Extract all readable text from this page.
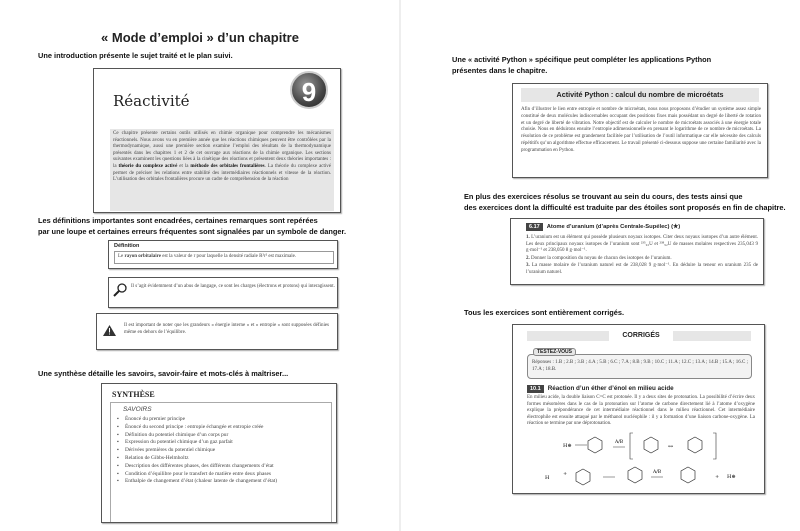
« Mode d’emploi » d’un chapitre
Une introduction présente le sujet traité et le plan suivi.
Réactivité	9
Ce chapitre présente certains outils utilisés en chimie organique pour comprendre les mécanismes réactionnels. Nous avons vu en première année que les réactions chimiques peuvent être contrôlées par la thermodynamique, aussi une première section examine l’emploi des résultats de la thermodynamique présentés dans les chapitres 1 et 2 de cet ouvrage aux réactions de la chimie organique. Les sections suivantes examinent les questions liées à la cinétique des réactions et présentent deux théories importantes : la théorie du complexe activé et la méthode des orbitales frontalières. La théorie du complexe activé permet de préciser les relations entre stabilité des intermédiaires réactionnels et vitesse de la réaction. L’utilisation des orbitales frontalières procure un cadre de compréhension de la réaction
Les définitions importantes sont encadrées, certaines remarques sont repérées
par une loupe et certaines erreurs fréquentes sont signalées par un symbole de danger.
Définition
Le rayon orbitalaire est la valeur de r pour laquelle la densité radiale R²r² est maximale.
Il s’agit évidemment d’un abus de langage, ce sont les charges (électrons et protons) qui interagissent.
Il est important de noter que les grandeurs « énergie interne » et « entropie » sont supposées définies même en dehors de l’équilibre.
Une synthèse détaille les savoirs, savoir-faire et mots-clés à maîtriser...
SYNTHÈSE
SAVOIRS
▪ Énoncé du premier principe
▪ Énoncé du second principe : entropie échangée et entropie créée
▪ Définition du potentiel chimique d’un corps pur
▪ Expression du potentiel chimique d’un gaz parfait
▪ Dérivées premières du potentiel chimique
▪ Relation de Gibbs-Helmholtz
▪ Description des différentes phases, des différents changements d’état
▪ Condition d’équilibre pour le transfert de matière entre deux phases
▪ Enthalpie de changement d’état (chaleur latente de changement d’état)
Une « activité Python » spécifique peut compléter les applications Python
présentes dans le chapitre.
Activité Python : calcul du nombre de microétats
Afin d’illustrer le lien entre entropie et nombre de microétats, nous nous proposons d’étudier un système assez simple constitué de deux molécules indiscernables occupant des positions fixes mais possédant un degré de liberté de rotation et un degré de liberté de vibration. Notre objectif est de calculer le nombre de microétats associés à une énergie totale choisie. Nous en déduirons ensuite l’entropie adimensionnelle en prenant le logarithme de ce nombre de microétats. La résolution de ce problème est grandement facilitée par l’utilisation de l’outil informatique car elle nécessite des calculs répétitifs qu’un algorithme effectue efficacement. Le travail présenté ci-dessous suppose une certaine familiarité avec la programmation en Python.
En plus des exercices résolus se trouvant au sein du cours, des tests ainsi que
des exercices dont la difficulté est traduite par des étoiles sont proposés en fin de chapitre.
6.17 Atome d’uranium (d’après Centrale-Supélec) (★)
1. L’uranium est un élément qui possède plusieurs noyaux isotopes. Citer deux noyaux isotopes d’un autre élément. Les deux principaux noyaux isotopes de l’uranium sont ²³⁵₉₂U et ²³⁸₉₂U de masses molaires respectives 235,043 9 g·mol⁻¹ et 238,050 8 g·mol⁻¹.
2. Donner la composition du noyau de chacun des isotopes de l’uranium.
3. La masse molaire de l’uranium naturel est de 238,028 9 g·mol⁻¹. En déduire la teneur en uranium 235 de l’uranium naturel.
Tous les exercices sont entièrement corrigés.
CORRIGÉS
Réponses : 1.B ; 2.B ; 3.B ; 4.A ; 5.B ; 6.C ; 7.A ; 8.B ; 9.B ; 10.C ; 11.A ; 12.C ; 13.A ; 14.B ; 15.A ; 16.C ; 17.A ; 18.B.
TESTEZ-VOUS
10.1 Réaction d’un éther d’énol en milieu acide
En milieu acide, la double liaison C=C est protonée. Il y a deux sites de protonation. La possibilité d’écrire deux formes mésomères dans le cas de la protonation sur l’atome de carbone directement lié à l’atome d’oxygène explique la prépondérance de cet intermédiaire réactionnel dans le milieu réactionnel. Cet intermédiaire électrophile est ensuite attaqué par le méthanol nucléophile : il y a formation d’une liaison carbone-oxygène. La réaction se termine par une déprotonation.
H⊕
A/B
↔
H
+	A/B
+ H⊕
